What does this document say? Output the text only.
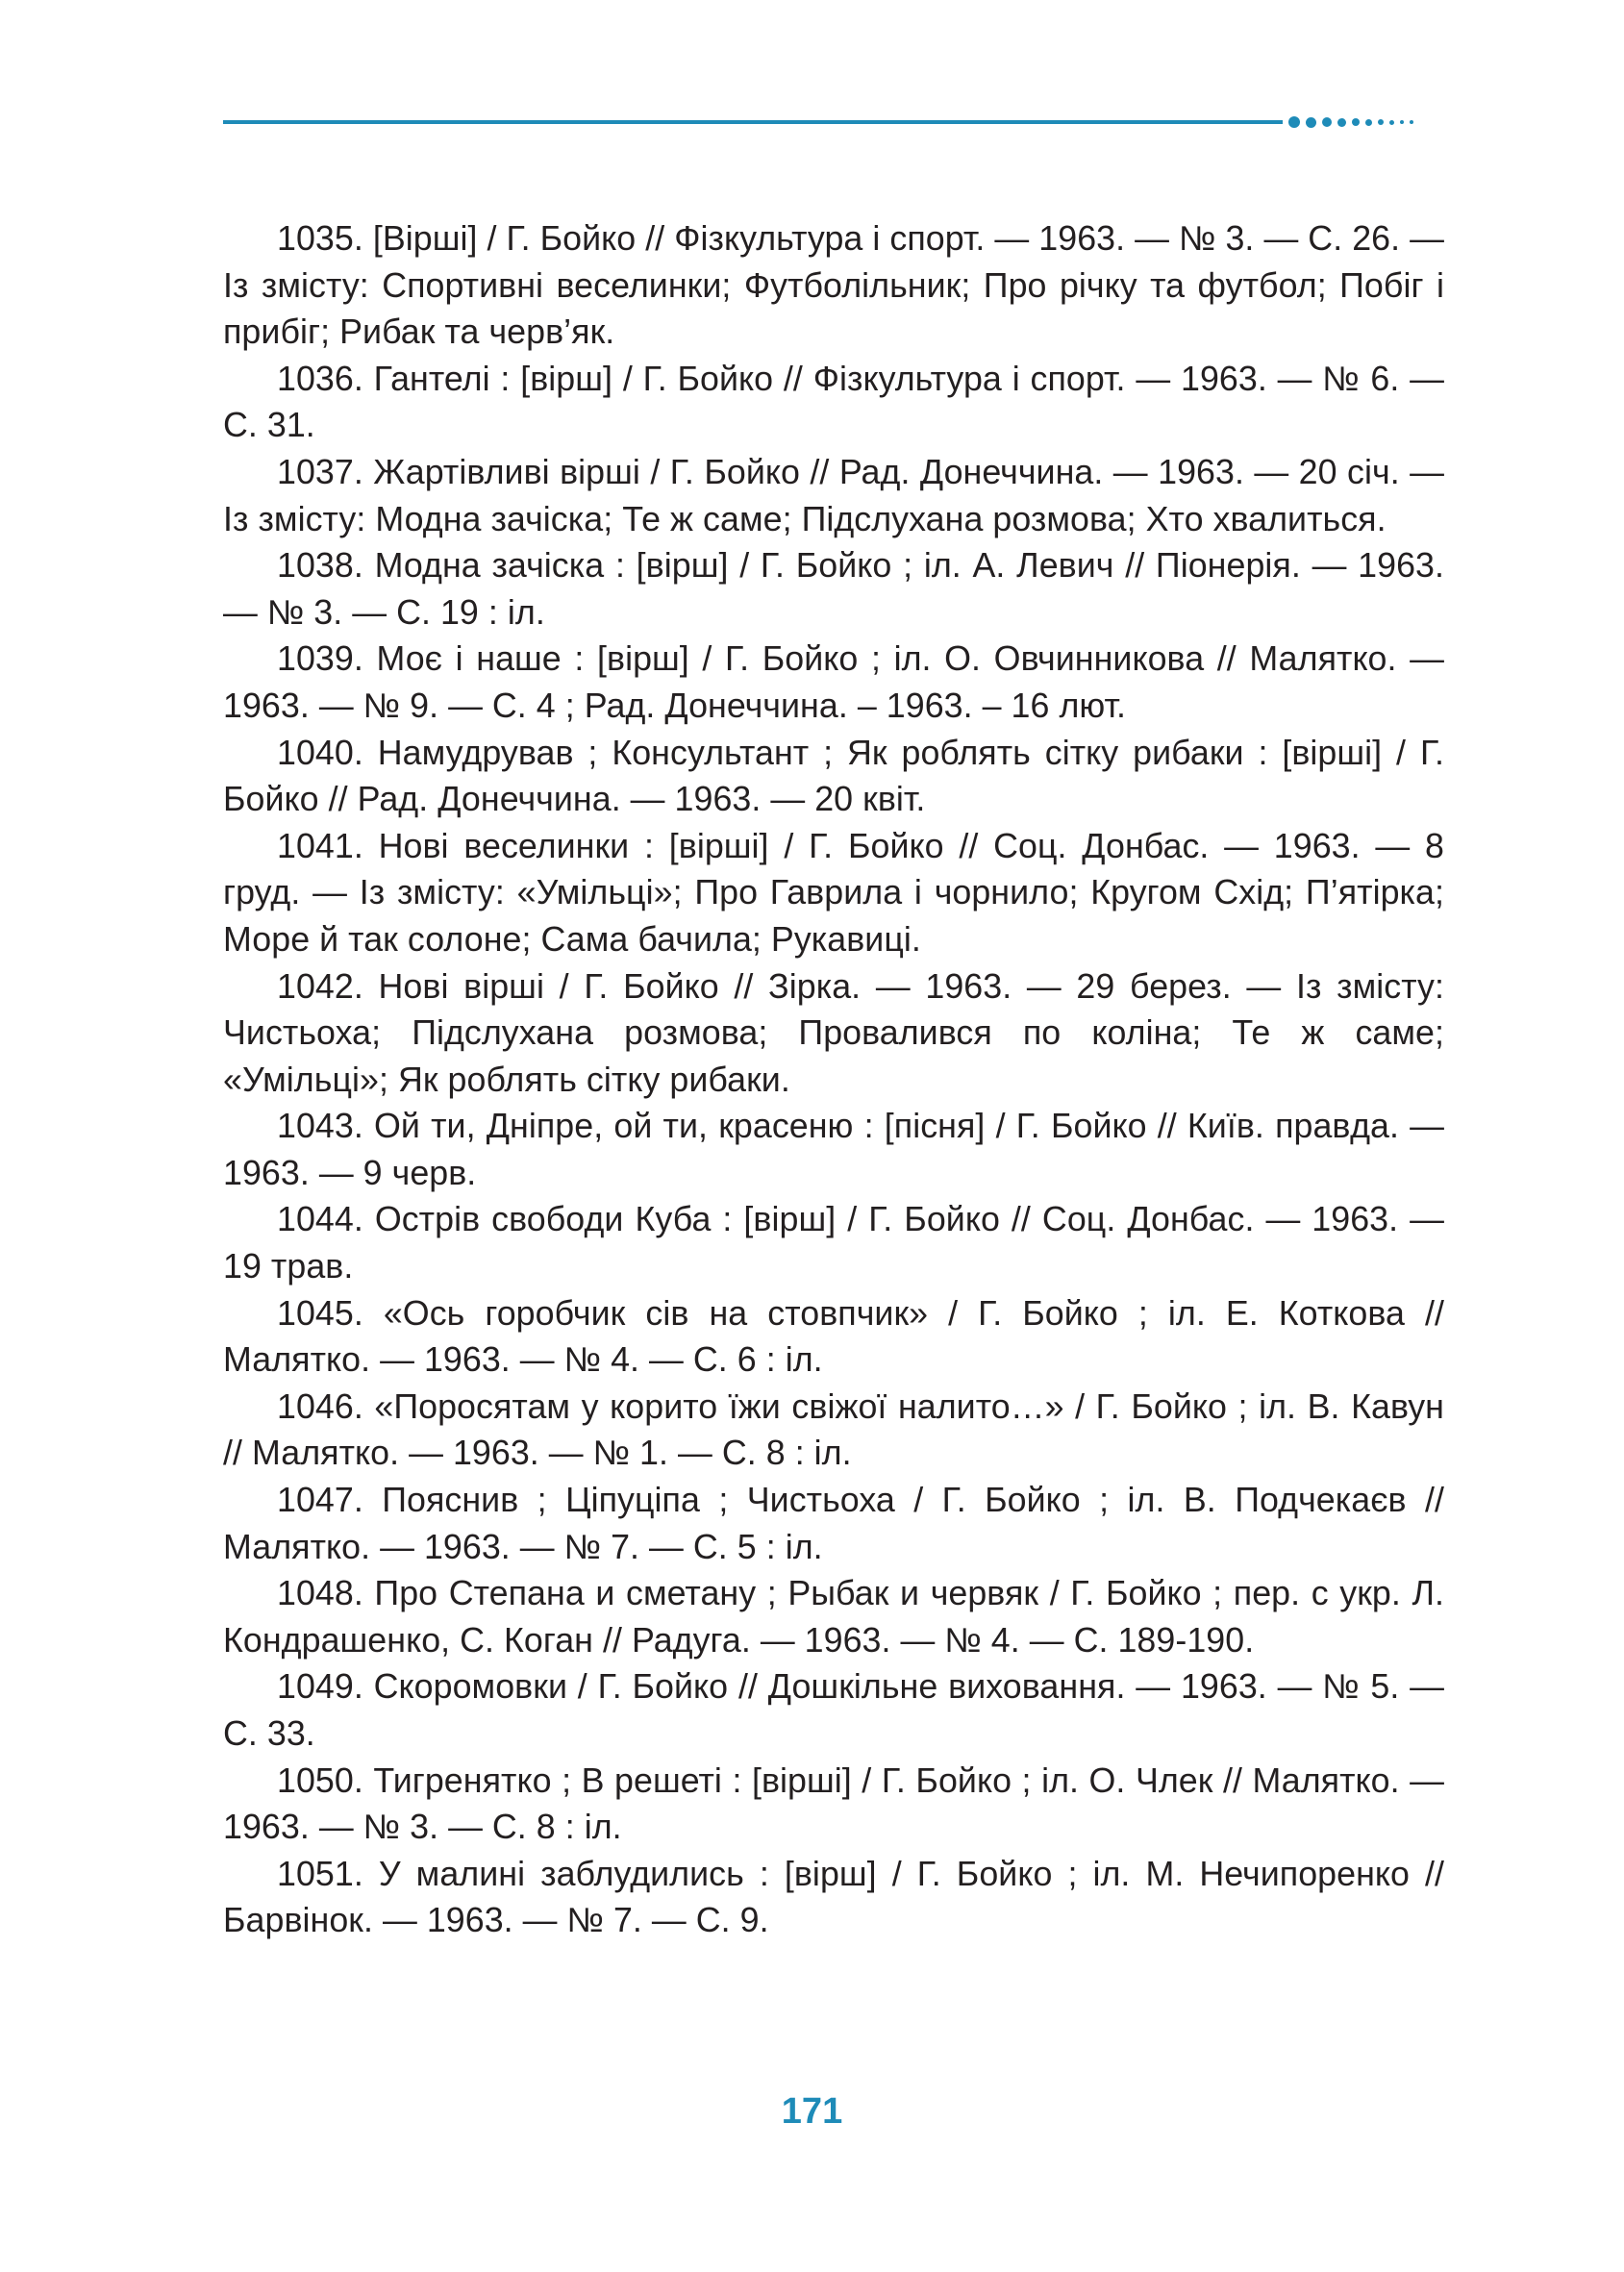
1035. [Вірші] / Г. Бойко // Фізкультура і спорт. — 1963. — № 3. — С. 26. — Із змісту: Спортивні веселинки; Футболільник; Про річку та футбол; Побіг і прибіг; Рибак та черв’як.

1036. Гантелі : [вірш] / Г. Бойко // Фізкультура і спорт. — 1963. — № 6. — С. 31.

1037. Жартівливі вірші / Г. Бойко // Рад. Донеччина. — 1963. — 20 січ. — Із змісту: Модна зачіска; Те ж саме; Підслухана розмова; Хто хвалиться.

1038. Модна зачіска : [вірш] / Г. Бойко ; іл. А. Левич // Піонерія. — 1963. — № 3. — С. 19 : іл.

1039. Моє і наше : [вірш] / Г. Бойко ; іл. О. Овчинникова // Малятко. — 1963. — № 9. — С. 4 ; Рад. Донеччина. – 1963. – 16 лют.

1040. Намудрував ; Консультант ; Як роблять сітку рибаки : [вірші] / Г. Бойко // Рад. Донеччина. — 1963. — 20 квіт.

1041. Нові веселинки : [вірші] / Г. Бойко // Соц. Донбас. — 1963. — 8 груд. — Із змісту: «Умільці»; Про Гаврила і чорнило; Кругом Схід; П’ятірка; Море й так солоне; Сама бачила; Рукавиці.

1042. Нові вірші / Г. Бойко // Зірка. — 1963. — 29 берез. — Із змісту: Чистьоха; Підслухана розмова; Провалився по коліна; Те ж саме; «Умільці»; Як роблять сітку рибаки.

1043. Ой ти, Дніпре, ой ти, красеню : [пісня] / Г. Бойко // Київ. правда. — 1963. — 9 черв.

1044. Острів свободи Куба : [вірш] / Г. Бойко // Соц. Донбас. — 1963. — 19 трав.

1045. «Ось горобчик сів на стовпчик» / Г. Бойко ; іл. Е. Коткова // Малятко. — 1963. — № 4. — С. 6 : іл.

1046. «Поросятам у корито їжи свіжої налито…» / Г. Бойко ; іл. В. Кавун // Малятко. — 1963. — № 1. — С. 8 : іл.

1047. Пояснив ; Ціпуціпа ; Чистьоха / Г. Бойко ; іл. В. Подчекаєв // Малятко. — 1963. — № 7. — С. 5 : іл.

1048. Про Степана и сметану ; Рыбак и червяк / Г. Бойко ; пер. с укр. Л. Кондрашенко, С. Коган // Радуга. — 1963. — № 4. — С. 189-190.

1049. Скоромовки / Г. Бойко // Дошкільне виховання. — 1963. — № 5. — С. 33.

1050. Тигренятко ; В решеті : [вірші] / Г. Бойко ; іл. О. Члек // Малятко. — 1963. — № 3. — С. 8 : іл.

1051. У малині заблудились : [вірш] / Г. Бойко ; іл. М. Нечипоренко // Барвінок. — 1963. — № 7. — С. 9.

171
